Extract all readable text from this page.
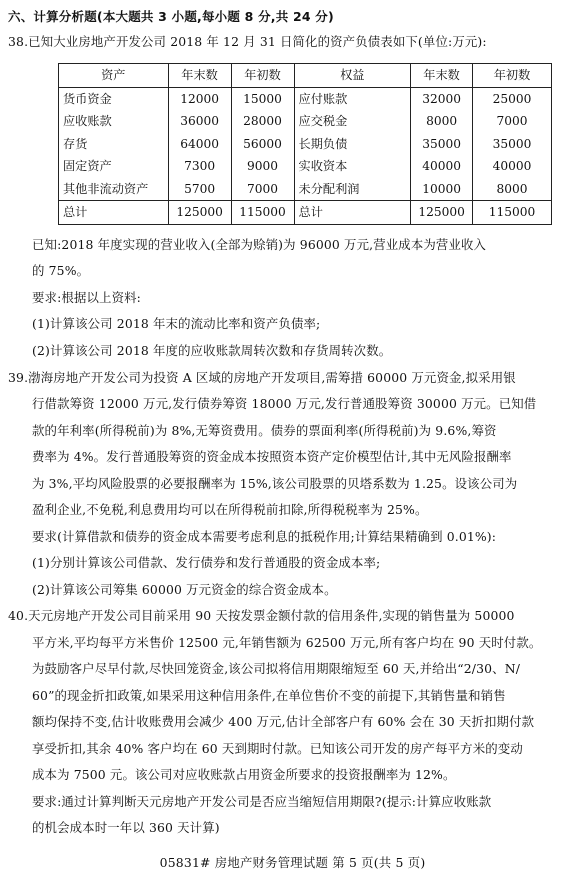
六、计算分析题(本大题共 3 小题,每小题 8 分,共 24 分)
38.已知大业房地产开发公司 2018 年 12 月 31 日简化的资产负债表如下(单位:万元):
资产	年末数	年初数	权益	年末数	年初数
货币资金	12000	15000	应付账款	32000	25000
应收账款	36000	28000	应交税金	8000	7000
存货	64000	56000	长期负债	35000	35000
固定资产	7300	9000	实收资本	40000	40000
其他非流动资产	5700	7000	未分配利润	10000	8000
总计	125000	115000	总计	125000	115000
已知:2018 年度实现的营业收入(全部为赊销)为 96000 万元,营业成本为营业收入
的 75%。
要求:根据以上资料:
(1)计算该公司 2018 年末的流动比率和资产负债率;
(2)计算该公司 2018 年度的应收账款周转次数和存货周转次数。
39.渤海房地产开发公司为投资 A 区域的房地产开发项目,需筹措 60000 万元资金,拟采用银
行借款筹资 12000 万元,发行债券筹资 18000 万元,发行普通股筹资 30000 万元。已知借
款的年利率(所得税前)为 8%,无筹资费用。债券的票面利率(所得税前)为 9.6%,筹资
费率为 4%。发行普通股筹资的资金成本按照资本资产定价模型估计,其中无风险报酬率
为 3%,平均风险股票的必要报酬率为 15%,该公司股票的贝塔系数为 1.25。设该公司为
盈利企业,不免税,利息费用均可以在所得税前扣除,所得税税率为 25%。
要求(计算借款和债券的资金成本需要考虑利息的抵税作用;计算结果精确到 0.01%):
(1)分别计算该公司借款、发行债券和发行普通股的资金成本率;
(2)计算该公司筹集 60000 万元资金的综合资金成本。
40.天元房地产开发公司目前采用 90 天按发票金额付款的信用条件,实现的销售量为 50000
平方米,平均每平方米售价 12500 元,年销售额为 62500 万元,所有客户均在 90 天时付款。
为鼓励客户尽早付款,尽快回笼资金,该公司拟将信用期限缩短至 60 天,并给出“2/30、N/
60”的现金折扣政策,如果采用这种信用条件,在单位售价不变的前提下,其销售量和销售
额均保持不变,估计收账费用会减少 400 万元,估计全部客户有 60% 会在 30 天折扣期付款
享受折扣,其余 40% 客户均在 60 天到期时付款。已知该公司开发的房产每平方米的变动
成本为 7500 元。该公司对应收账款占用资金所要求的投资报酬率为 12%。
要求:通过计算判断天元房地产开发公司是否应当缩短信用期限?(提示:计算应收账款
的机会成本时一年以 360 天计算)
05831# 房地产财务管理试题 第 5 页(共 5 页)
